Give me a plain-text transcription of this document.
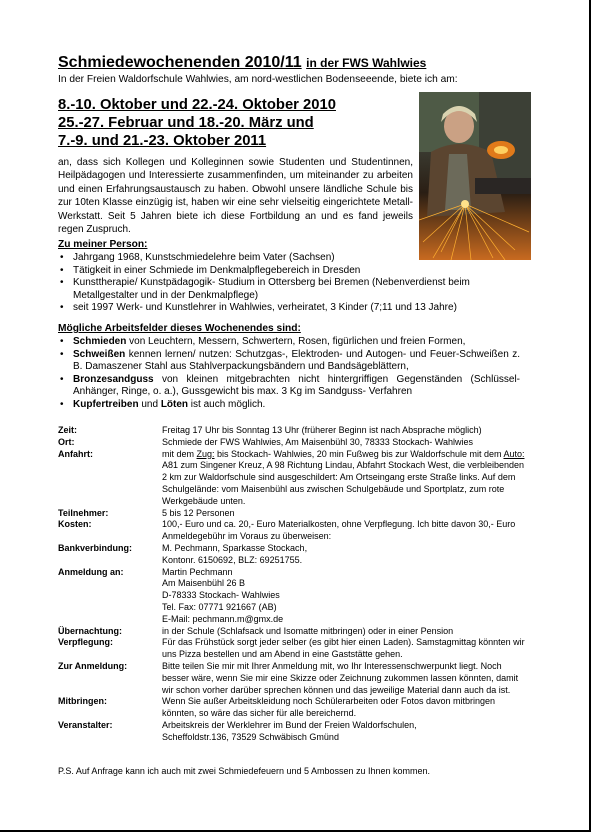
Schmiedewochenenden 2010/11 in der FWS Wahlwies
In der Freien Waldorfschule Wahlwies, am nord-westlichen Bodenseeende, biete ich am:
8.-10. Oktober und 22.-24. Oktober 2010
25.-27. Februar und 18.-20. März und
7.-9. und 21.-23. Oktober 2011
an, dass sich Kollegen und Kolleginnen sowie Studenten und Studentinnen, Heilpädagogen und Interessierte zusammenfinden, um miteinander zu arbeiten und einen Erfahrungsaustausch zu haben. Obwohl unsere ländliche Schule bis zur 10ten Klasse einzügig ist, haben wir eine sehr vielseitig eingerichtete Metall-Werkstatt. Seit 5 Jahren biete ich diese Fortbildung an und es fand jeweils regen Zuspruch.
Zu meiner Person:
• Jahrgang 1968, Kunstschmiedelehre beim Vater (Sachsen)
• Tätigkeit in einer Schmiede im Denkmalpflegebereich in Dresden
• Kunsttherapie/ Kunstpädagogik- Studium in Ottersberg bei Bremen (Nebenverdienst beim Metallgestalter und in der Denkmalpflege)
• seit 1997 Werk- und Kunstlehrer in Wahlwies, verheiratet, 3 Kinder (7;11 und 13 Jahre)
Mögliche Arbeitsfelder dieses Wochenendes sind:
• Schmieden von Leuchtern, Messern, Schwertern, Rosen, figürlichen und freien Formen,
• Schweißen kennen lernen/ nutzen: Schutzgas-, Elektroden- und Autogen- und Feuer-Schweißen z. B. Damaszener Stahl aus Stahlverpackungsbändern und Bandsägeblättern,
• Bronzesandguss von kleinen mitgebrachten nicht hintergriffigen Gegenständen (Schlüssel- Anhänger, Ringe, o. a.), Gussgewicht bis max. 3 Kg im Sandguss- Verfahren
• Kupfertreiben und Löten ist auch möglich.
Zeit:	Freitag 17 Uhr bis Sonntag 13 Uhr (früherer Beginn ist nach Absprache möglich)
Ort:	Schmiede der FWS Wahlwies, Am Maisenbühl 30, 78333 Stockach- Wahlwies
Anfahrt:	mit dem Zug: bis Stockach- Wahlwies, 20 min Fußweg bis zur Waldorfschule mit dem Auto: A81 zum Singener Kreuz, A 98 Richtung Lindau, Abfahrt Stockach West, die verbleibenden 2 km zur Waldorfschule sind ausgeschildert: Am Ortseingang erste Straße links. Auf dem Schulgelände: vom Maisenbühl aus zwischen Schulgebäude und Sportplatz, zum rote Werkgebäude unten.
Teilnehmer:	5 bis 12 Personen
Kosten:	100,- Euro und ca. 20,- Euro Materialkosten, ohne Verpflegung. Ich bitte davon 30,- Euro Anmeldegebühr im Voraus zu überweisen:
Bankverbindung:	M. Pechmann, Sparkasse Stockach,
Kontonr. 6150692, BLZ: 69251755.
Anmeldung an:	Martin Pechmann
Am Maisenbühl 26 B
D-78333 Stockach- Wahlwies
Tel. Fax: 07771 921667 (AB)
E-Mail: pechmann.m@gmx.de
Übernachtung:	in der Schule (Schlafsack und Isomatte mitbringen) oder in einer Pension
Verpflegung:	Für das Frühstück sorgt jeder selber (es gibt hier einen Laden). Samstagmittag könnten wir uns Pizza bestellen und am Abend in eine Gaststätte gehen.
Zur Anmeldung:	Bitte teilen Sie mir mit Ihrer Anmeldung mit, wo Ihr Interessenschwerpunkt liegt. Noch besser wäre, wenn Sie mir eine Skizze oder Zeichnung zukommen lassen könnten, damit wir schon vorher darüber sprechen können und das jeweilige Material dann auch da ist.
Mitbringen:	Wenn Sie außer Arbeitskleidung noch Schülerarbeiten oder Fotos davon mitbringen könnten, so wäre das sicher für alle bereichernd.
Veranstalter:	Arbeitskreis der Werklehrer im Bund der Freien Waldorfschulen,
Scheffoldstr.136, 73529 Schwäbisch Gmünd
P.S. Auf Anfrage kann ich auch mit zwei Schmiedefeuern und 5 Ambossen zu Ihnen kommen.
